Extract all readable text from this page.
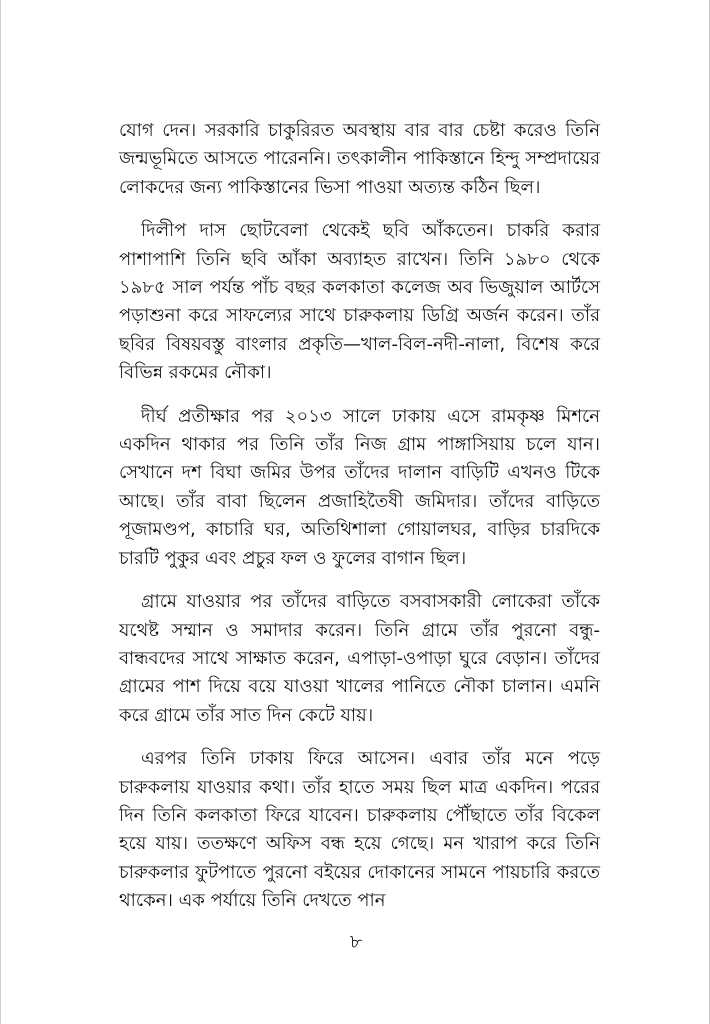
যোগ দেন। সরকারি চাকুরিরত অবস্থায় বার বার চেষ্টা করেও তিনি জন্মভূমিতে আসতে পারেননি। তৎকালীন পাকিস্তানে হিন্দু সম্প্রদায়ের লোকদের জন্য পাকিস্তানের ভিসা পাওয়া অত্যন্ত কঠিন ছিল।

দিলীপ দাস ছোটবেলা থেকেই ছবি আঁকতেন। চাকরি করার পাশাপাশি তিনি ছবি আঁকা অব্যাহত রাখেন। তিনি ১৯৮০ থেকে ১৯৮৫ সাল পর্যন্ত পাঁচ বছর কলকাতা কলেজ অব ভিজুয়াল আর্টসে পড়াশুনা করে সাফল্যের সাথে চারুকলায় ডিগ্রি অর্জন করেন। তাঁর ছবির বিষয়বস্তু বাংলার প্রকৃতি—খাল-বিল-নদী-নালা, বিশেষ করে বিভিন্ন রকমের নৌকা।

দীর্ঘ প্রতীক্ষার পর ২০১৩ সালে ঢাকায় এসে রামকৃষ্ণ মিশনে একদিন থাকার পর তিনি তাঁর নিজ গ্রাম পাঙ্গাসিয়ায় চলে যান। সেখানে দশ বিঘা জমির উপর তাঁদের দালান বাড়িটি এখনও টিকে আছে। তাঁর বাবা ছিলেন প্রজাহিতৈষী জমিদার। তাঁদের বাড়িতে পূজামণ্ডপ, কাচারি ঘর, অতিথিশালা গোয়ালঘর, বাড়ির চারদিকে চারটি পুকুর এবং প্রচুর ফল ও ফুলের বাগান ছিল।

গ্রামে যাওয়ার পর তাঁদের বাড়িতে বসবাসকারী লোকেরা তাঁকে যথেষ্ট সম্মান ও সমাদার করেন। তিনি গ্রামে তাঁর পুরনো বন্ধু-বান্ধবদের সাথে সাক্ষাত করেন, এপাড়া-ওপাড়া ঘুরে বেড়ান। তাঁদের গ্রামের পাশ দিয়ে বয়ে যাওয়া খালের পানিতে নৌকা চালান। এমনি করে গ্রামে তাঁর সাত দিন কেটে যায়।

এরপর তিনি ঢাকায় ফিরে আসেন। এবার তাঁর মনে পড়ে চারুকলায় যাওয়ার কথা। তাঁর হাতে সময় ছিল মাত্র একদিন। পরের দিন তিনি কলকাতা ফিরে যাবেন। চারুকলায় পৌঁছাতে তাঁর বিকেল হয়ে যায়। ততক্ষণে অফিস বন্ধ হয়ে গেছে। মন খারাপ করে তিনি চারুকলার ফুটপাতে পুরনো বইয়ের দোকানের সামনে পায়চারি করতে থাকেন। এক পর্যায়ে তিনি দেখতে পান

৮
